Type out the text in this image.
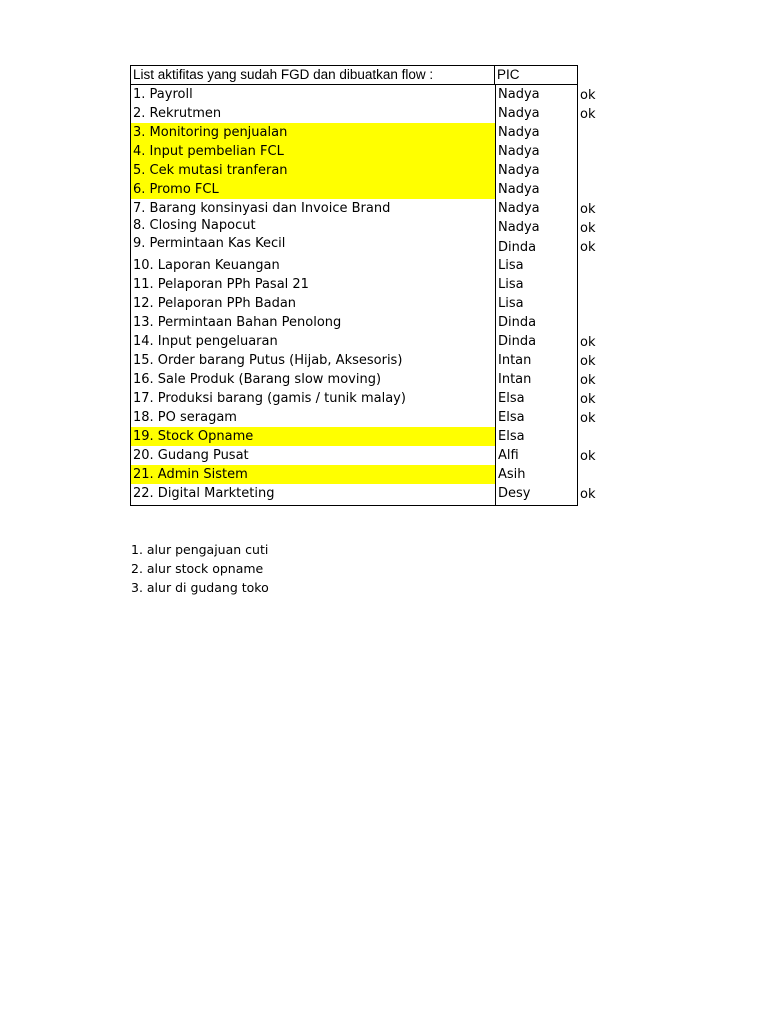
List aktifitas yang sudah FGD dan dibuatkan flow :	PIC
1. Payroll	Nadya	ok
2. Rekrutmen	Nadya	ok
3. Monitoring penjualan	Nadya
4. Input pembelian FCL	Nadya
5. Cek mutasi tranferan	Nadya
6. Promo FCL	Nadya
7. Barang konsinyasi dan Invoice Brand	Nadya	ok
8. Closing Napocut	Nadya	ok
9. Permintaan Kas Kecil	Dinda	ok
10. Laporan Keuangan	Lisa
11. Pelaporan PPh Pasal 21	Lisa
12. Pelaporan PPh Badan	Lisa
13. Permintaan Bahan Penolong	Dinda
14. Input pengeluaran	Dinda	ok
15. Order barang Putus (Hijab, Aksesoris)	Intan	ok
16. Sale Produk (Barang slow moving)	Intan	ok
17. Produksi barang (gamis / tunik malay)	Elsa	ok
18. PO seragam	Elsa	ok
19. Stock Opname	Elsa
20. Gudang Pusat	Alfi	ok
21. Admin Sistem	Asih
22. Digital Markteting	Desy	ok
1. alur pengajuan cuti
2. alur stock opname
3. alur di gudang toko
